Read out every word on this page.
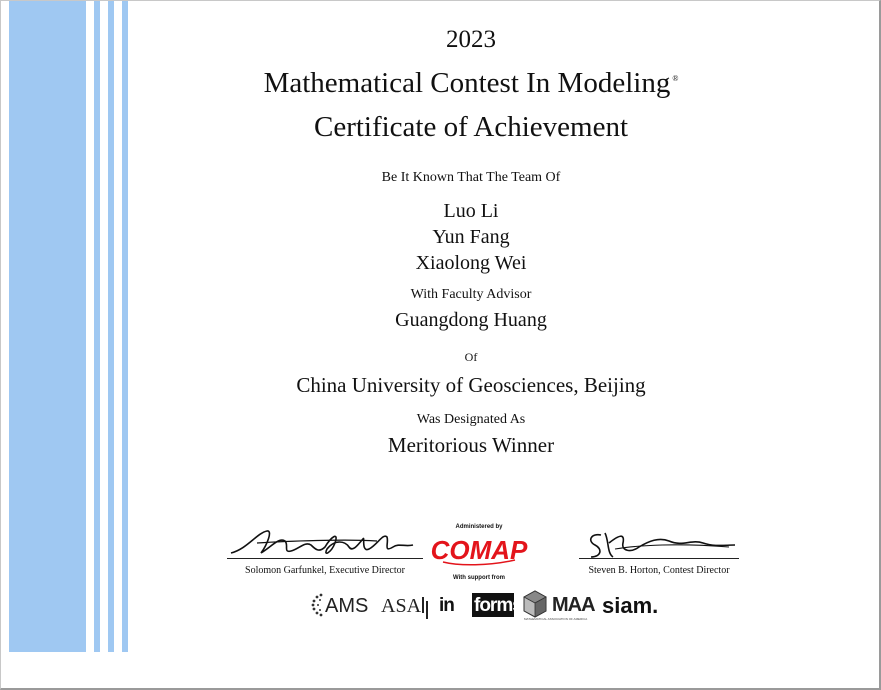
2023
Mathematical Contest In Modeling ®
Certificate of Achievement
Be It Known That The Team Of
Luo Li
Yun Fang
Xiaolong Wei
With Faculty Advisor
Guangdong Huang
Of
China University of Geosciences, Beijing
Was Designated As
Meritorious Winner
Solomon Garfunkel, Executive Director
Administered by
COMAP
With support from
Steven B. Horton, Contest Director
AMS ASA in forms MAA
MATHEMATICAL ASSOCIATION OF AMERICA
siam.
